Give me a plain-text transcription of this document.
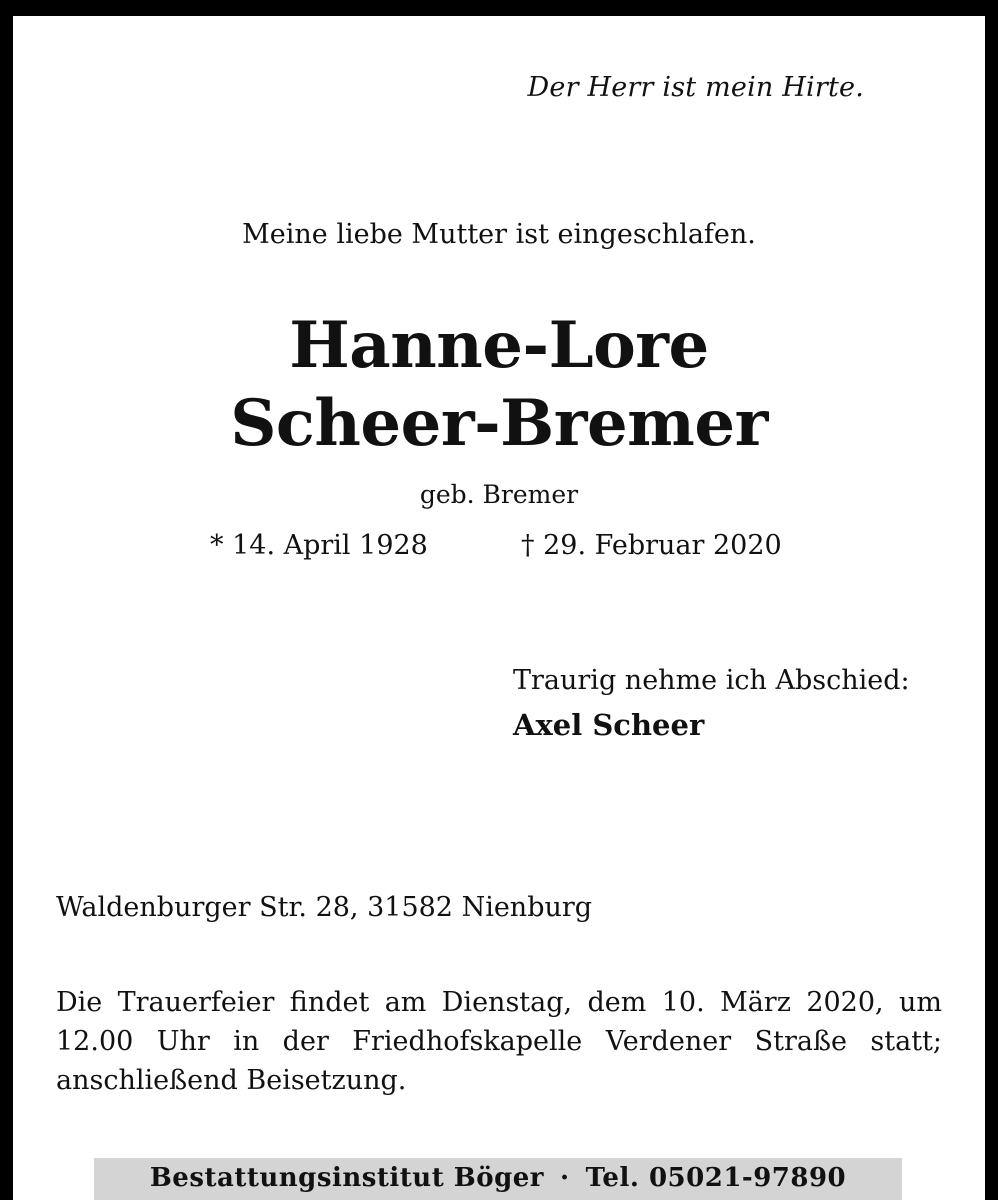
Der Herr ist mein Hirte.
Meine liebe Mutter ist eingeschlafen.
Hanne-Lore
Scheer-Bremer
geb. Bremer
* 14. April 1928	† 29. Februar 2020
Traurig nehme ich Abschied:
Axel Scheer
Waldenburger Str. 28, 31582 Nienburg
Die Trauerfeier findet am Dienstag, dem 10. März 2020, um 12.00 Uhr in der Friedhofskapelle Verdener Straße statt; anschließend Beisetzung.
Bestattungsinstitut Böger · Tel. 05021-97890
